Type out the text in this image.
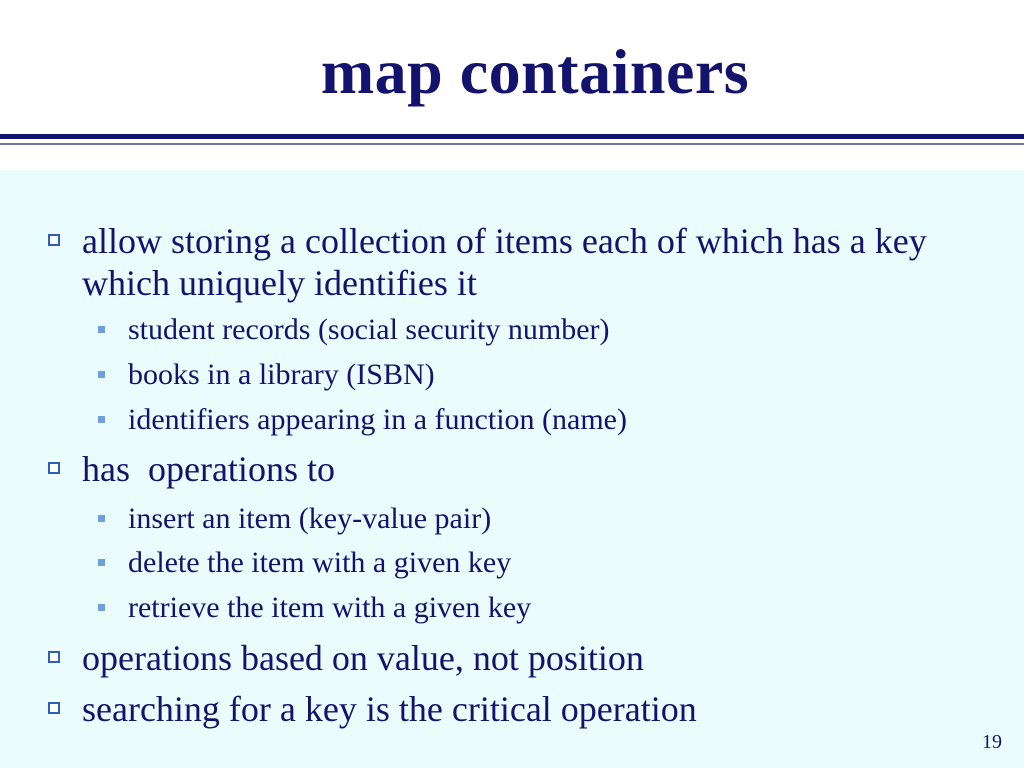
map containers
allow storing a collection of items each of which has a key which uniquely identifies it
student records (social security number)
books in a library (ISBN)
identifiers appearing in a function (name)
has  operations to
insert an item (key-value pair)
delete the item with a given key
retrieve the item with a given key
operations based on value, not position
searching for a key is the critical operation
19
